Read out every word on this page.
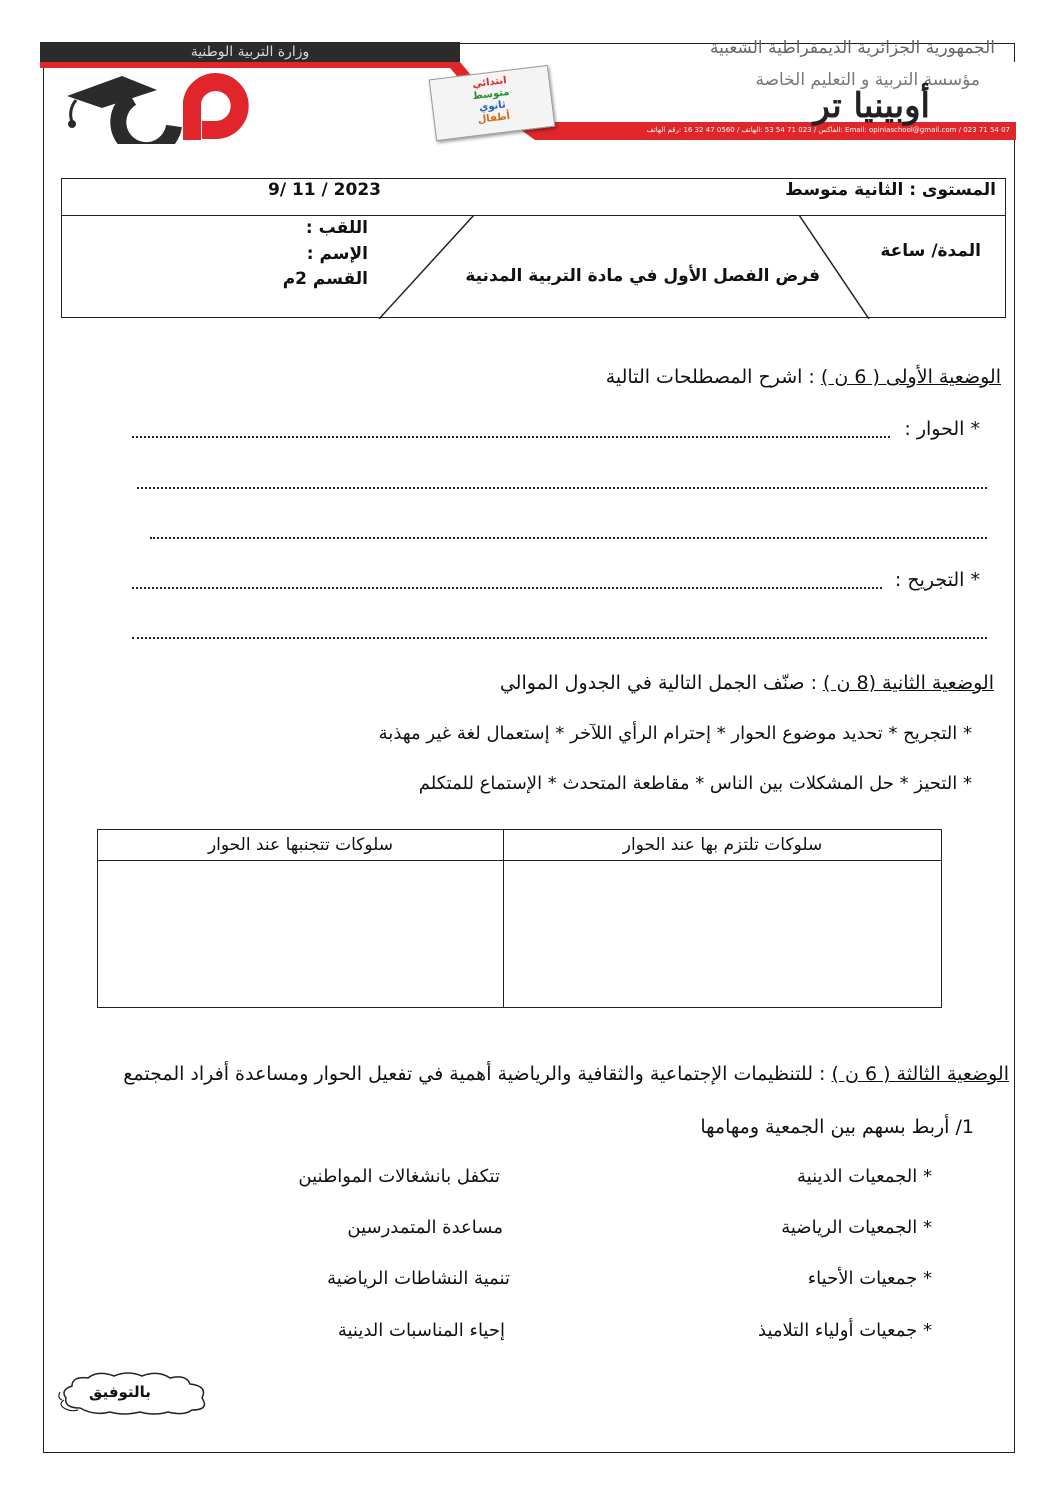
وزارة التربية الوطنية	الجمهورية الجزائرية الديمقراطية الشعبية
ابتدائي
متوسط
ثانوي
أطفال
مؤسسة التربية و التعليم الخاصة
أوبينيا تر
Email: opiniaschool@gmail.com / 023 71 54 07 :الفاكس / 023 71 54 53 :الهاتف / 0560 47 32 16 :رقم الهاتف
المستوى : الثانية متوسط
9/ 11 / 2023
المدة/ ساعة
فرض الفصل الأول في مادة التربية المدنية
اللقب :
الإسم :
القسم 2م
الوضعية الأولى ( 6 ن ) : اشرح المصطلحات التالية
* الحوار :
* التجريح :
الوضعية الثانية (8 ن ) : صنّف الجمل التالية في الجدول الموالي
* التجريح * تحديد موضوع الحوار * إحترام الرأي اللآخر * إستعمال لغة غير مهذبة
* التحيز * حل المشكلات بين الناس * مقاطعة المتحدث * الإستماع للمتكلم
سلوكات تتجنبها عند الحوار	سلوكات تلتزم بها عند الحوار

الوضعية الثالثة ( 6 ن ) : للتنظيمات الإجتماعية والثقافية والرياضية أهمية في تفعيل الحوار ومساعدة أفراد المجتمع
1/ أربط بسهم بين الجمعية ومهامها
* الجمعيات الدينية
* الجمعيات الرياضية
* جمعيات الأحياء
* جمعيات أولياء التلاميذ
تتكفل بانشغالات المواطنين
مساعدة المتمدرسين
تنمية النشاطات الرياضية
إحياء المناسبات الدينية
بالتوفيق
